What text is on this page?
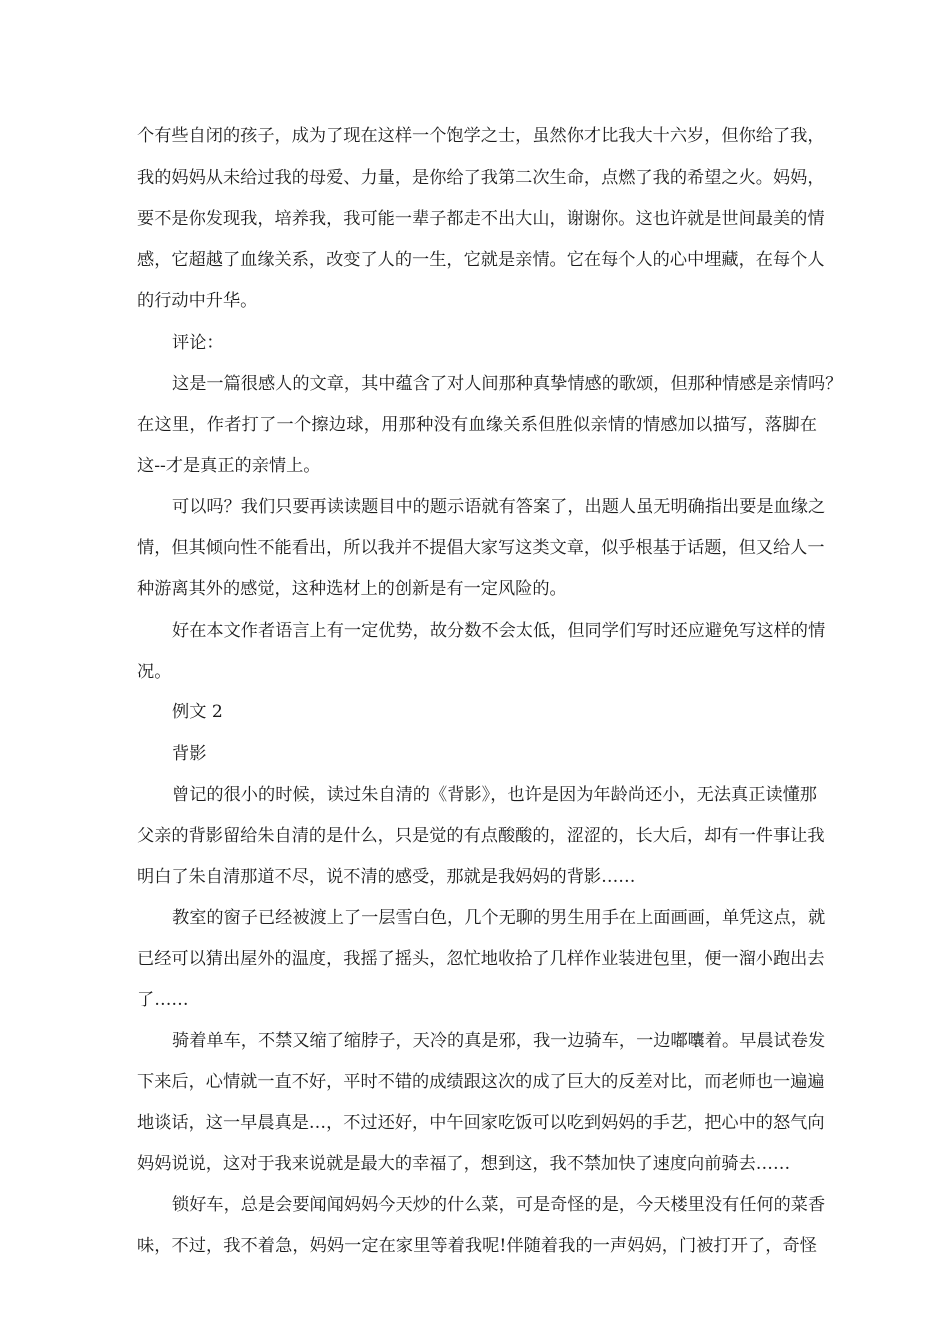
个有些自闭的孩子，成为了现在这样一个饱学之士，虽然你才比我大十六岁，但你给了我，
我的妈妈从未给过我的母爱、力量，是你给了我第二次生命，点燃了我的希望之火。妈妈，
要不是你发现我，培养我，我可能一辈子都走不出大山，谢谢你。这也许就是世间最美的情
感，它超越了血缘关系，改变了人的一生，它就是亲情。它在每个人的心中埋藏，在每个人
的行动中升华。
评论：
这是一篇很感人的文章，其中蕴含了对人间那种真挚情感的歌颂，但那种情感是亲情吗？
在这里，作者打了一个擦边球，用那种没有血缘关系但胜似亲情的情感加以描写，落脚在
这--才是真正的亲情上。
可以吗？我们只要再读读题目中的题示语就有答案了，出题人虽无明确指出要是血缘之
情，但其倾向性不能看出，所以我并不提倡大家写这类文章，似乎根基于话题，但又给人一
种游离其外的感觉，这种选材上的创新是有一定风险的。
好在本文作者语言上有一定优势，故分数不会太低，但同学们写时还应避免写这样的情
况。
例文 2
背影
曾记的很小的时候，读过朱自清的《背影》，也许是因为年龄尚还小，无法真正读懂那
父亲的背影留给朱自清的是什么，只是觉的有点酸酸的，涩涩的，长大后，却有一件事让我
明白了朱自清那道不尽，说不清的感受，那就是我妈妈的背影……
教室的窗子已经被渡上了一层雪白色，几个无聊的男生用手在上面画画，单凭这点，就
已经可以猜出屋外的温度，我摇了摇头，忽忙地收拾了几样作业装进包里，便一溜小跑出去
了……
骑着单车，不禁又缩了缩脖子，天冷的真是邪，我一边骑车，一边嘟囔着。早晨试卷发
下来后，心情就一直不好，平时不错的成绩跟这次的成了巨大的反差对比，而老师也一遍遍
地谈话，这一早晨真是…，不过还好，中午回家吃饭可以吃到妈妈的手艺，把心中的怒气向
妈妈说说，这对于我来说就是最大的幸福了，想到这，我不禁加快了速度向前骑去……
锁好车，总是会要闻闻妈妈今天炒的什么菜，可是奇怪的是，今天楼里没有任何的菜香
味，不过，我不着急，妈妈一定在家里等着我呢!伴随着我的一声妈妈，门被打开了，奇怪
